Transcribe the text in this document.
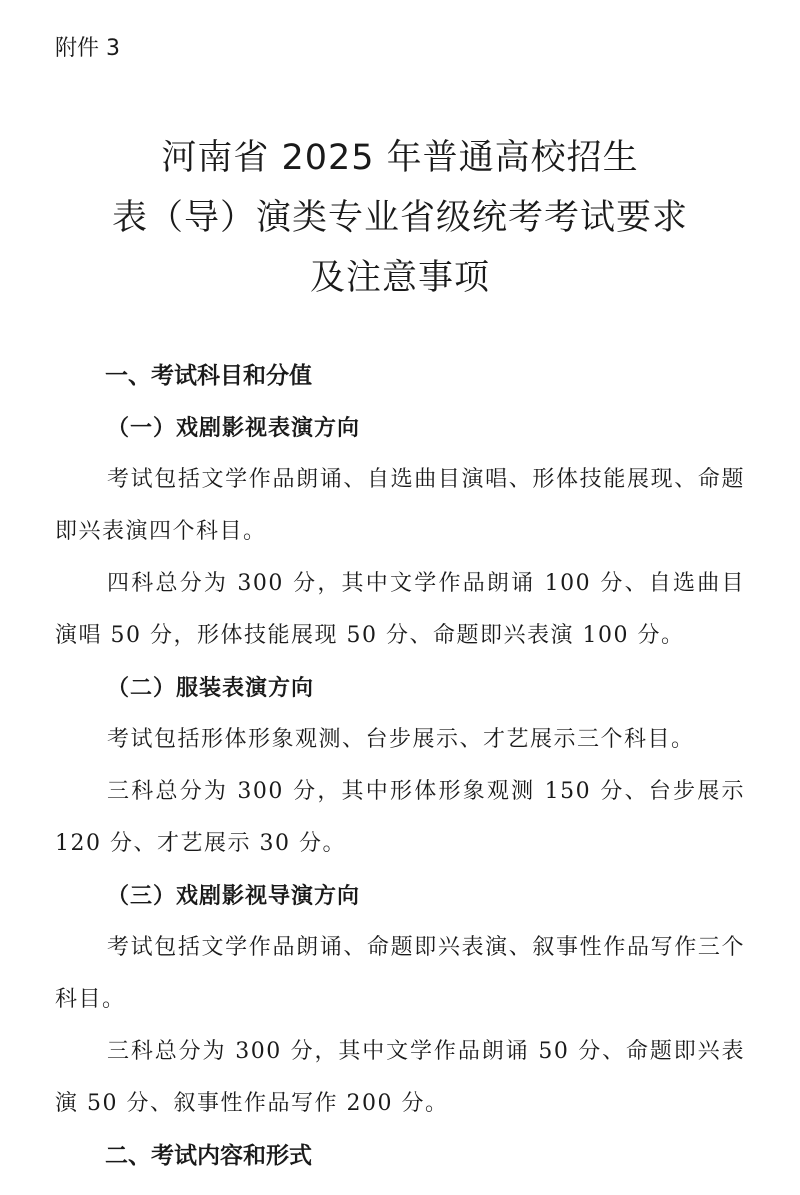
附件 3
河南省 2025 年普通高校招生
表（导）演类专业省级统考考试要求
及注意事项

一、考试科目和分值

（一）戏剧影视表演方向

考试包括文学作品朗诵、自选曲目演唱、形体技能展现、命题即兴表演四个科目。

四科总分为 300 分，其中文学作品朗诵 100 分、自选曲目演唱 50 分，形体技能展现 50 分、命题即兴表演 100 分。

（二）服装表演方向

考试包括形体形象观测、台步展示、才艺展示三个科目。

三科总分为 300 分，其中形体形象观测 150 分、台步展示 120 分、才艺展示 30 分。

（三）戏剧影视导演方向

考试包括文学作品朗诵、命题即兴表演、叙事性作品写作三个科目。

三科总分为 300 分，其中文学作品朗诵 50 分、命题即兴表演 50 分、叙事性作品写作 200 分。

二、考试内容和形式
